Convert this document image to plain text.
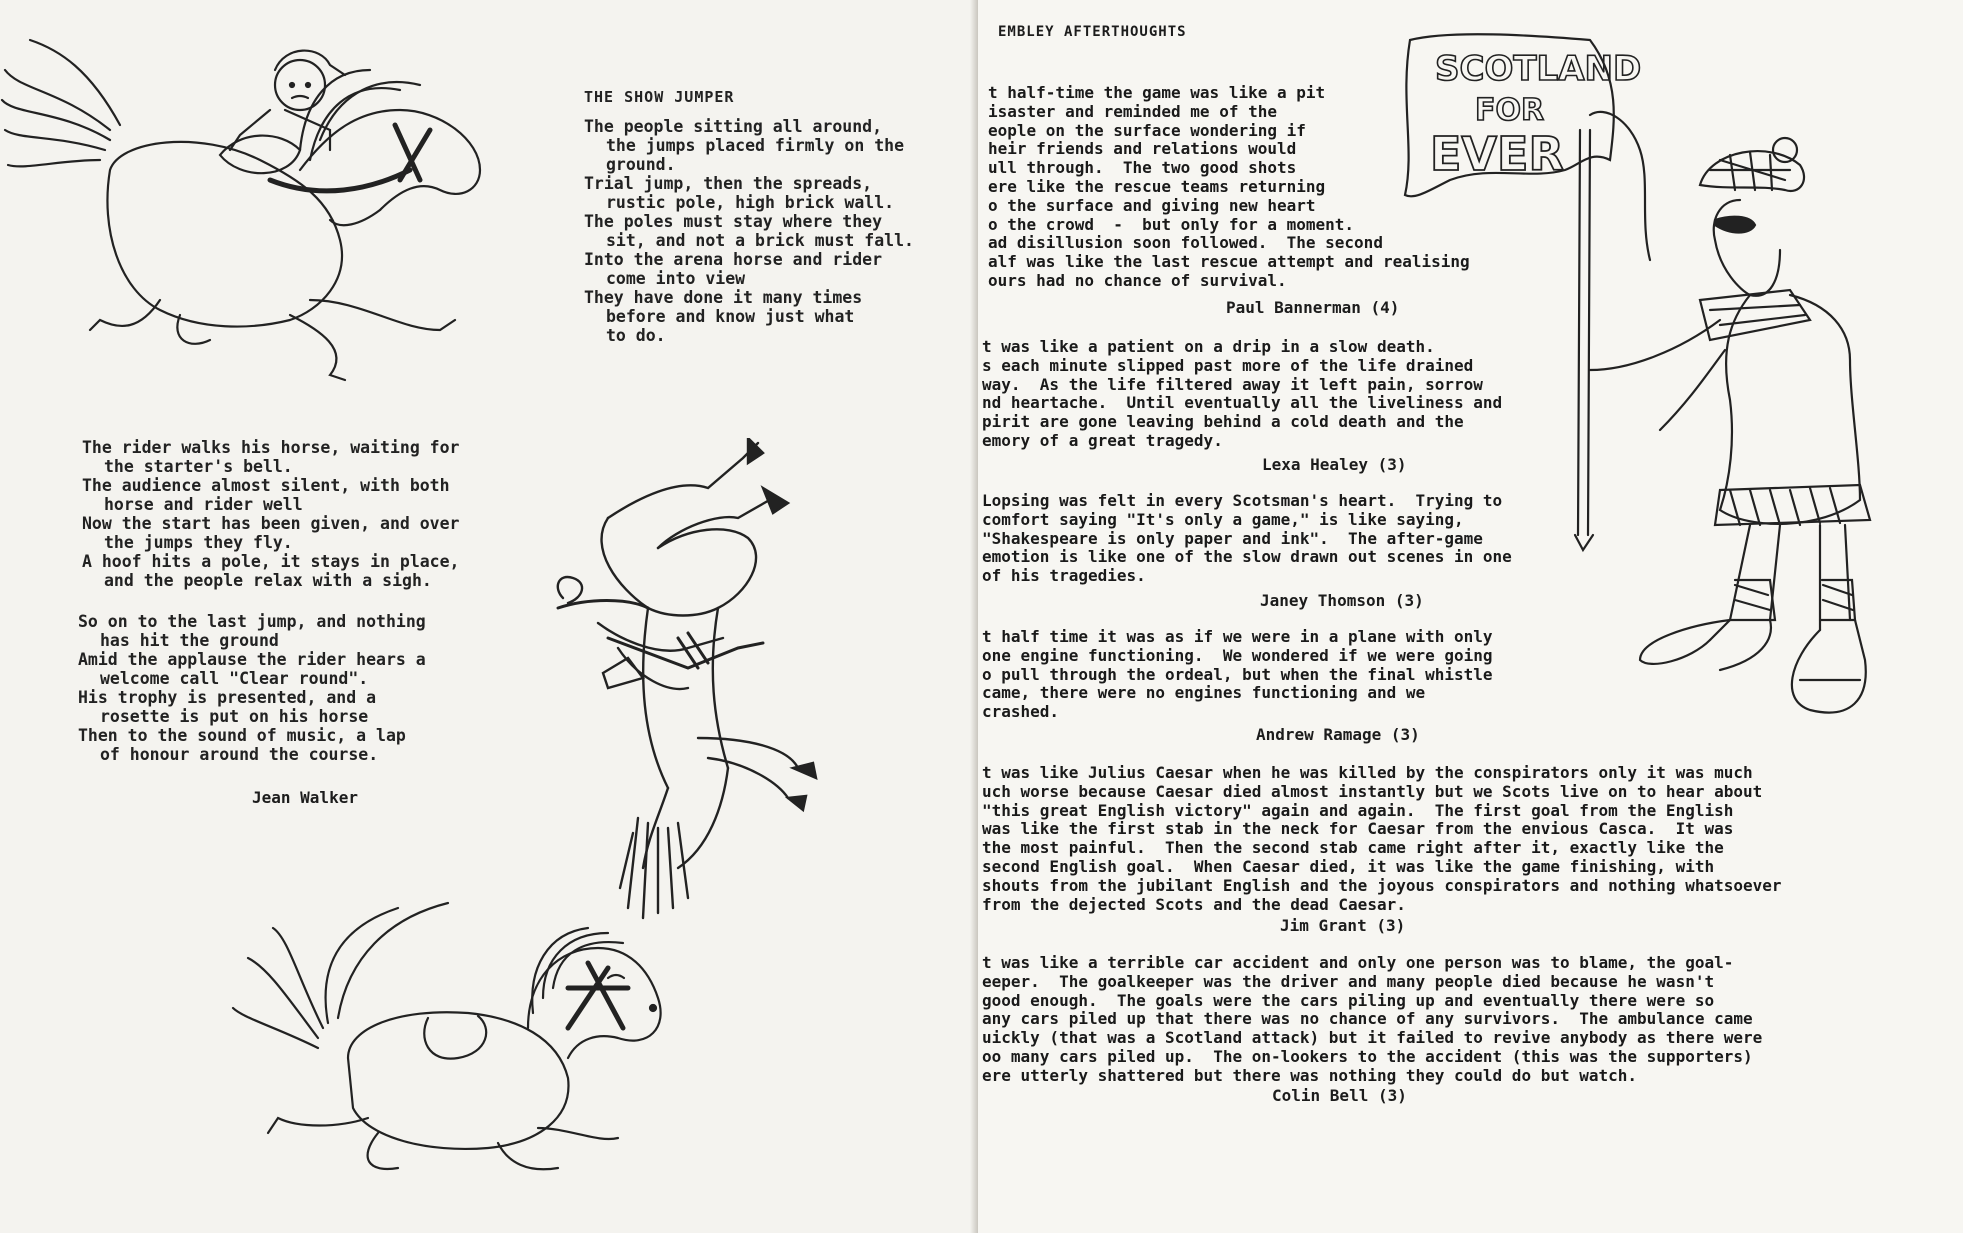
THE SHOW JUMPER

The people sitting all around,

the jumps placed firmly on the

ground.

Trial jump, then the spreads,

rustic pole, high brick wall.

The poles must stay where they

sit, and not a brick must fall.

Into the arena horse and rider

come into view

They have done it many times

before and know just what

to do.

The rider walks his horse, waiting for

the starter's bell.

The audience almost silent, with both

horse and rider well

Now the start has been given, and over

the jumps they fly.

A hoof hits a pole, it stays in place,

and the people relax with a sigh.

So on to the last jump, and nothing

has hit the ground

Amid the applause the rider hears a

welcome call "Clear round".

His trophy is presented, and a

rosette is put on his horse

Then to the sound of music, a lap

of honour around the course.

Jean Walker
EMBLEY AFTERTHOUGHTS
SCOTLAND
FOR
EVER

t half-time the game was like a pit

isaster and reminded me of the

eople on the surface wondering if

heir friends and relations would

ull through.  The two good shots

ere like the rescue teams returning

o the surface and giving new heart

o the crowd  -  but only for a moment.

ad disillusion soon followed.  The second

alf was like the last rescue attempt and realising

ours had no chance of survival.

Paul Bannerman (4)

t was like a patient on a drip in a slow death.

s each minute slipped past more of the life drained

way.  As the life filtered away it left pain, sorrow

nd heartache.  Until eventually all the liveliness and

pirit are gone leaving behind a cold death and the

emory of a great tragedy.

Lexa Healey (3)

Lopsing was felt in every Scotsman's heart.  Trying to

comfort saying "It's only a game," is like saying,

"Shakespeare is only paper and ink".  The after-game

emotion is like one of the slow drawn out scenes in one

of his tragedies.

Janey Thomson (3)

t half time it was as if we were in a plane with only

one engine functioning.  We wondered if we were going

o pull through the ordeal, but when the final whistle

came, there were no engines functioning and we

crashed.

Andrew Ramage (3)

t was like Julius Caesar when he was killed by the conspirators only it was much

uch worse because Caesar died almost instantly but we Scots live on to hear about

"this great English victory" again and again.  The first goal from the English

was like the first stab in the neck for Caesar from the envious Casca.  It was

the most painful.  Then the second stab came right after it, exactly like the

second English goal.  When Caesar died, it was like the game finishing, with

shouts from the jubilant English and the joyous conspirators and nothing whatsoever

from the dejected Scots and the dead Caesar.

Jim Grant (3)

t was like a terrible car accident and only one person was to blame, the goal-

eeper.  The goalkeeper was the driver and many people died because he wasn't

good enough.  The goals were the cars piling up and eventually there were so

any cars piled up that there was no chance of any survivors.  The ambulance came

uickly (that was a Scotland attack) but it failed to revive anybody as there were

oo many cars piled up.  The on-lookers to the accident (this was the supporters)

ere utterly shattered but there was nothing they could do but watch.

Colin Bell (3)
